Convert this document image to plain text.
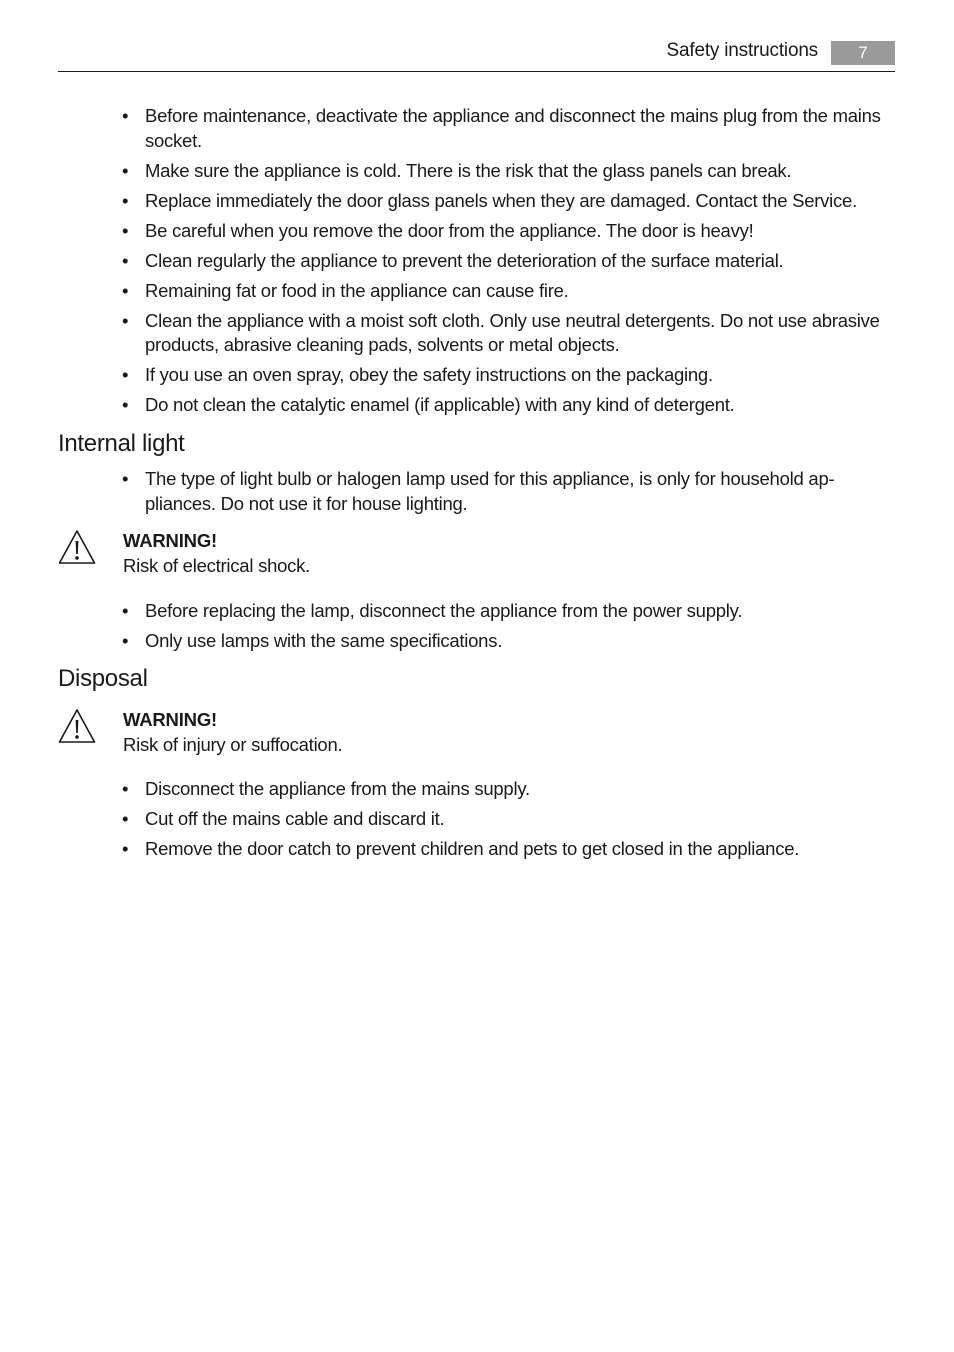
Safety instructions	7
• Before maintenance, deactivate the appliance and disconnect the mains plug from the mains socket.
• Make sure the appliance is cold. There is the risk that the glass panels can break.
• Replace immediately the door glass panels when they are damaged. Contact the Service.
• Be careful when you remove the door from the appliance. The door is heavy!
• Clean regularly the appliance to prevent the deterioration of the surface material.
• Remaining fat or food in the appliance can cause fire.
• Clean the appliance with a moist soft cloth. Only use neutral detergents. Do not use abrasive products, abrasive cleaning pads, solvents or metal objects.
• If you use an oven spray, obey the safety instructions on the packaging.
• Do not clean the catalytic enamel (if applicable) with any kind of detergent.
Internal light
• The type of light bulb or halogen lamp used for this appliance, is only for household ap-pliances. Do not use it for house lighting.
WARNING!
Risk of electrical shock.
• Before replacing the lamp, disconnect the appliance from the power supply.
• Only use lamps with the same specifications.
Disposal
WARNING!
Risk of injury or suffocation.
• Disconnect the appliance from the mains supply.
• Cut off the mains cable and discard it.
• Remove the door catch to prevent children and pets to get closed in the appliance.
